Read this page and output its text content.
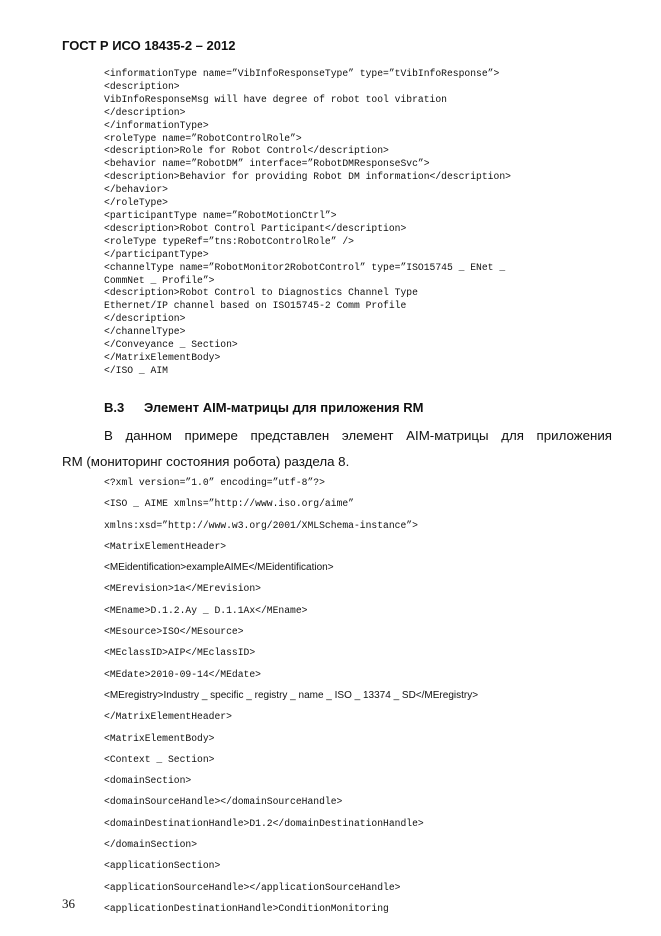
ГОСТ Р ИСО 18435-2 – 2012
<informationType name=”VibInfoResponseType” type=”tVibInfoResponse”>
<description>
VibInfoResponseMsg will have degree of robot tool vibration
</description>
</informationType>
<roleType name=”RobotControlRole”>
<description>Role for Robot Control</description>
<behavior name=”RobotDM” interface=”RobotDMResponseSvc”>
<description>Behavior for providing Robot DM information</description>
</behavior>
</roleType>
<participantType name=”RobotMotionCtrl”>
<description>Robot Control Participant</description>
<roleType typeRef=”tns:RobotControlRole” />
</participantType>
<channelType name=”RobotMonitor2RobotControl” type=”ISO15745 _ ENet _
CommNet _ Profile”>
<description>Robot Control to Diagnostics Channel Type
Ethernet/IP channel based on ISO15745-2 Comm Profile
</description>
</channelType>
</Conveyance _ Section>
</MatrixElementBody>
</ISO _ AIM
B.3 Элемент AIM-матрицы для приложения RM
В данном примере представлен элемент AIM-матрицы для приложения
RM (мониторинг состояния робота) раздела 8.
<?xml version=”1.0” encoding=”utf-8”?>
<ISO _ AIME xmlns=”http://www.iso.org/aime”
xmlns:xsd=”http://www.w3.org/2001/XMLSchema-instance”>
<MatrixElementHeader>
<MEidentification>exampleAIME</MEidentification>
<MErevision>1a</MErevision>
<MEname>D.1.2.Ay _ D.1.1Ax</MEname>
<MEsource>ISO</MEsource>
<MEclassID>AIP</MEclassID>
<MEdate>2010-09-14</MEdate>
<MEregistry>Industry _ specific _ registry _ name _ ISO _ 13374 _ SD</MEregistry>
</MatrixElementHeader>
<MatrixElementBody>
<Context _ Section>
<domainSection>
<domainSourceHandle></domainSourceHandle>
<domainDestinationHandle>D1.2</domainDestinationHandle>
</domainSection>
<applicationSection>
<applicationSourceHandle></applicationSourceHandle>
<applicationDestinationHandle>ConditionMonitoring
36
